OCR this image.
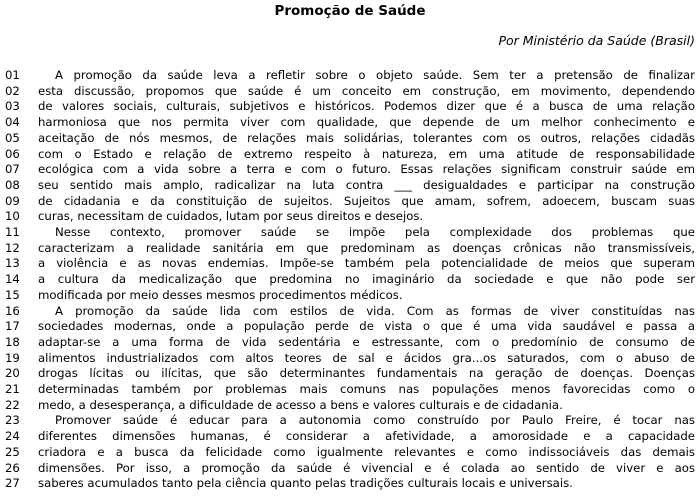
Promoção de Saúde
Por Ministério da Saúde (Brasil)
01	A promoção da saúde leva a refletir sobre o objeto saúde. Sem ter a pretensão de finalizar
02	esta discussão, propomos que saúde é um conceito em construção, em movimento, dependendo
03	de valores sociais, culturais, subjetivos e históricos. Podemos dizer que é a busca de uma relação
04	harmoniosa que nos permita viver com qualidade, que depende de um melhor conhecimento e
05	aceitação de nós mesmos, de relações mais solidárias, tolerantes com os outros, relações cidadãs
06	com o Estado e relação de extremo respeito à natureza, em uma atitude de responsabilidade
07	ecológica com a vida sobre a terra e com o futuro. Essas relações significam construir saúde em
08	seu sentido mais amplo, radicalizar na luta contra ___ desigualdades e participar na construção
09	de cidadania e da constituição de sujeitos. Sujeitos que amam, sofrem, adoecem, buscam suas
10	curas, necessitam de cuidados, lutam por seus direitos e desejos.
11	Nesse contexto, promover saúde se impõe pela complexidade dos problemas que
12	caracterizam a realidade sanitária em que predominam as doenças crônicas não transmissíveis,
13	a violência e as novas endemias. Impõe-se também pela potencialidade de meios que superam
14	a cultura da medicalização que predomina no imaginário da sociedade e que não pode ser
15	modificada por meio desses mesmos procedimentos médicos.
16	A promoção da saúde lida com estilos de vida. Com as formas de viver constituídas nas
17	sociedades modernas, onde a população perde de vista o que é uma vida saudável e passa a
18	adaptar-se a uma forma de vida sedentária e estressante, com o predomínio de consumo de
19	alimentos industrializados com altos teores de sal e ácidos gra...os saturados, com o abuso de
20	drogas lícitas ou ilícitas, que são determinantes fundamentais na geração de doenças. Doenças
21	determinadas também por problemas mais comuns nas populações menos favorecidas como o
22	medo, a desesperança, a dificuldade de acesso a bens e valores culturais e de cidadania.
23	Promover saúde é educar para a autonomia como construído por Paulo Freire, é tocar nas
24	diferentes dimensões humanas, é considerar a afetividade, a amorosidade e a capacidade
25	criadora e a busca da felicidade como igualmente relevantes e como indissociáveis das demais
26	dimensões. Por isso, a promoção da saúde é vivencial e é colada ao sentido de viver e aos
27	saberes acumulados tanto pela ciência quanto pelas tradições culturais locais e universais.
